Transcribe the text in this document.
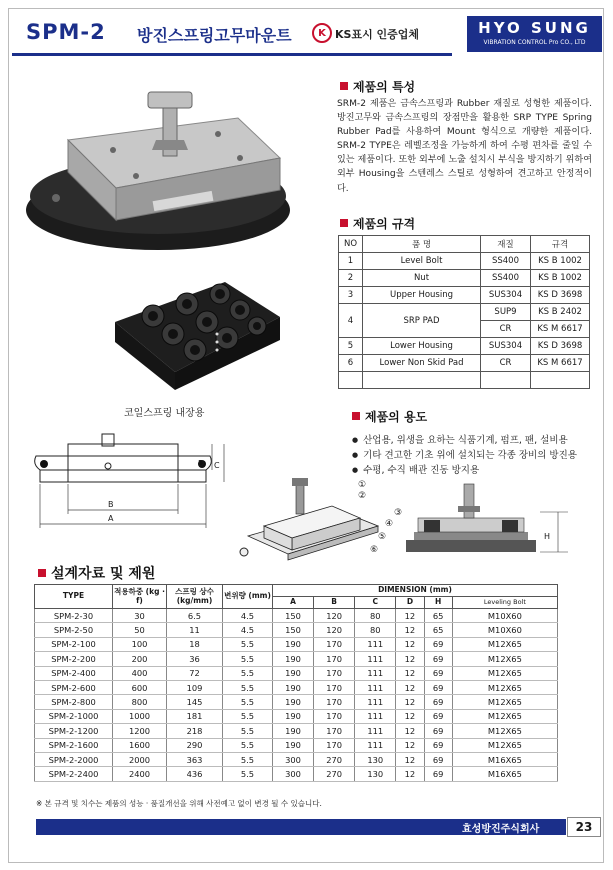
SPM-2 방진스프링고무마운트	K KS표시 인증업체	HYO SUNG
VIBRATION CONTROL Pro CO., LTD
코일스프링 내장용
제품의 특성
SRM-2 제품은 금속스프링과 Rubber 재질로 성형한 제품이다. 방진고무와 금속스프링의 장점만을 활용한 SRP TYPE Spring Rubber Pad를 사용하여 Mount 형식으로 개량한 제품이다. SRM-2 TYPE은 레벨조정을 가능하게 하여 수평 편차를 줄일 수 있는 제품이다. 또한 외부에 노출 설치시 부식을 방지하기 위하여 외부 Housing을 스텐레스 스틸로 성형하여 견고하고 안정적이다.
제품의 규격
NO	품 명	재질	규격
1	Level Bolt	SS400	KS B 1002
2	Nut	SS400	KS B 1002
3	Upper Housing	SUS304	KS D 3698
4	SRP PAD	SUP9	KS B 2402
		CR	KS M 6617
5	Lower Housing	SUS304	KS D 3698
6	Lower Non Skid Pad	CR	KS M 6617

제품의 용도
● 산업용, 위생을 요하는 식품기계, 펌프, 팬, 설비용
● 기타 견고한 기초 위에 설치되는 각종 장비의 방진용
● 수평, 수직 배관 진동 방지용
B
A
D C
①
②
③
④
⑤
⑥
H
설계자료 및 제원
TYPE	적용하중 (kg · f)	스프링 상수 (kg/mm)	변위량 (mm)	DIMENSION (mm)					
				A	B	C	D	H	Leveling Bolt
SPM-2-30	30	6.5	4.5	150	120	80	12	65	M10X60
SPM-2-50	50	11	4.5	150	120	80	12	65	M10X60
SPM-2-100	100	18	5.5	190	170	111	12	69	M12X65
SPM-2-200	200	36	5.5	190	170	111	12	69	M12X65
SPM-2-400	400	72	5.5	190	170	111	12	69	M12X65
SPM-2-600	600	109	5.5	190	170	111	12	69	M12X65
SPM-2-800	800	145	5.5	190	170	111	12	69	M12X65
SPM-2-1000	1000	181	5.5	190	170	111	12	69	M12X65
SPM-2-1200	1200	218	5.5	190	170	111	12	69	M12X65
SPM-2-1600	1600	290	5.5	190	170	111	12	69	M12X65
SPM-2-2000	2000	363	5.5	300	270	130	12	69	M16X65
SPM-2-2400	2400	436	5.5	300	270	130	12	69	M16X65
※ 본 규격 및 치수는 제품의 성능 · 품질개선을 위해 사전예고 없이 변경 될 수 있습니다.
효성방진주식회사	23
